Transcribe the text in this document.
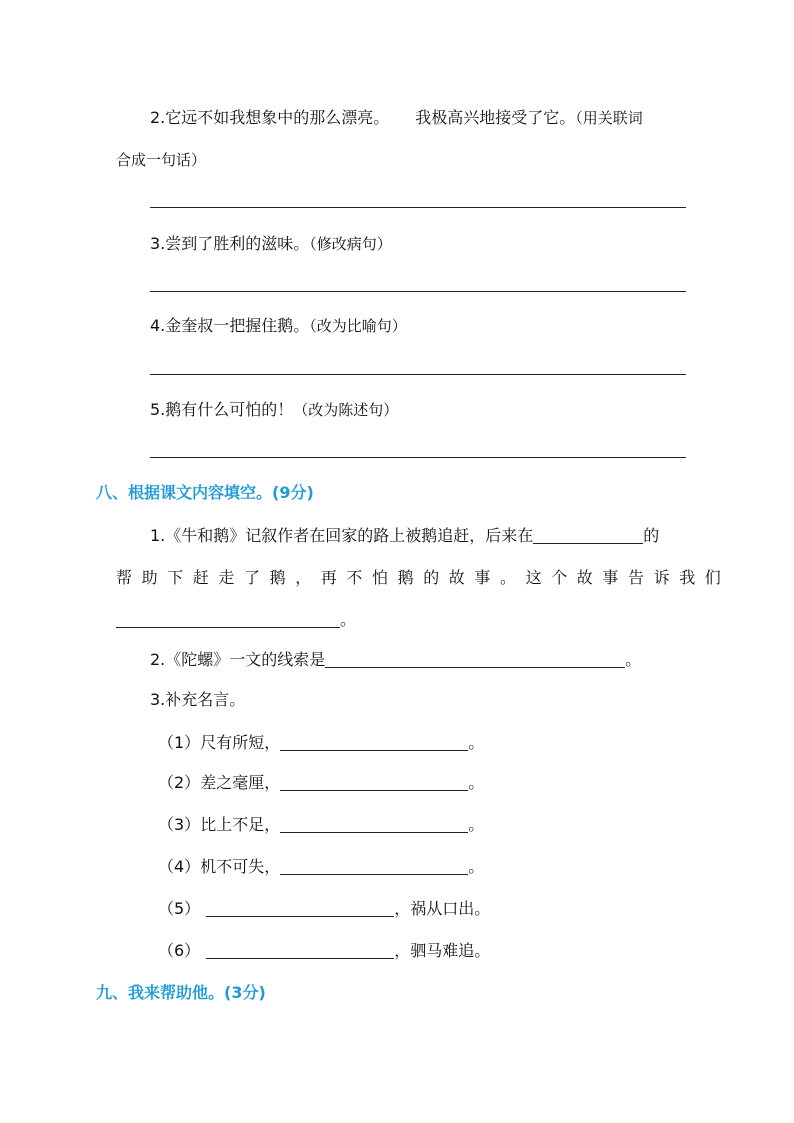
2.它远不如我想象中的那么漂亮。 我极高兴地接受了它。（用关联词
合成一句话）
3.尝到了胜利的滋味。（修改病句）
4.金奎叔一把握住鹅。（改为比喻句）
5.鹅有什么可怕的！（改为陈述句）
八、根据课文内容填空。(9分)
1.《牛和鹅》记叙作者在回家的路上被鹅追赶，后来在	的
帮助下赶走了鹅，再不怕鹅的故事。这个故事告诉我们
。
2.《陀螺》一文的线索是	。
3.补充名言。
（1）尺有所短，	。
（2）差之毫厘，	。
（3）比上不足，	。
（4）机不可失，	。
（5）	，祸从口出。
（6）	，驷马难追。
九、我来帮助他。(3分)
